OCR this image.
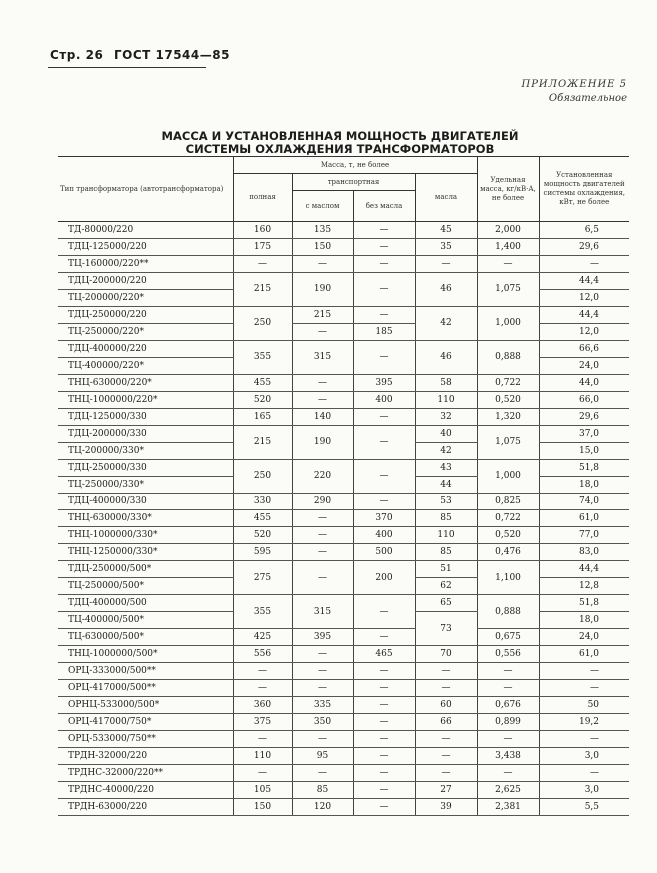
Стр. 26 ГОСТ 17544—85
ПРИЛОЖЕНИЕ 5
Обязательное
МАССА И УСТАНОВЛЕННАЯ МОЩНОСТЬ ДВИГАТЕЛЕЙ
СИСТЕМЫ ОХЛАЖДЕНИЯ ТРАНСФОРМАТОРОВ
Тип трансформатора (автотрансформатора)	Масса, т, не более				Удельная масса, кг/кВ·А, не более	Установленная мощность двигателей системы охлаждения, кВт, не более
	полная	транспортная		масла		
		с маслом	без масла			
ТД-80000/220	160	135	—	45	2,000	6,5
ТДЦ-125000/220	175	150	—	35	1,400	29,6
ТЦ-160000/220**	—	—	—	—	—	—
ТДЦ-200000/220	215	190	—	46	1,075	44,4
ТЦ-200000/220*						12,0
ТДЦ-250000/220	250	215	—	42	1,000	44,4
ТЦ-250000/220*		—	185			12,0
ТДЦ-400000/220	355	315	—	46	0,888	66,6
ТЦ-400000/220*						24,0
ТНЦ-630000/220*	455	—	395	58	0,722	44,0
ТНЦ-1000000/220*	520	—	400	110	0,520	66,0
ТДЦ-125000/330	165	140	—	32	1,320	29,6
ТДЦ-200000/330	215	190	—	40	1,075	37,0
ТЦ-200000/330*				42		15,0
ТДЦ-250000/330	250	220	—	43	1,000	51,8
ТЦ-250000/330*				44		18,0
ТДЦ-400000/330	330	290	—	53	0,825	74,0
ТНЦ-630000/330*	455	—	370	85	0,722	61,0
ТНЦ-1000000/330*	520	—	400	110	0,520	77,0
ТНЦ-1250000/330*	595	—	500	85	0,476	83,0
ТДЦ-250000/500*	275	—	200	51	1,100	44,4
ТЦ-250000/500*				62		12,8
ТДЦ-400000/500	355	315	—	65	0,888	51,8
ТЦ-400000/500*				73		18,0
ТЦ-630000/500*	425	395	—		0,675	24,0
ТНЦ-1000000/500*	556	—	465	70	0,556	61,0
ОРЦ-333000/500**	—	—	—	—	—	—
ОРЦ-417000/500**	—	—	—	—	—	—
ОРНЦ-533000/500*	360	335	—	60	0,676	50
ОРЦ-417000/750*	375	350	—	66	0,899	19,2
ОРЦ-533000/750**	—	—	—	—	—	—
ТРДН-32000/220	110	95	—	—	3,438	3,0
ТРДНС-32000/220**	—	—	—	—	—	—
ТРДНС-40000/220	105	85	—	27	2,625	3,0
ТРДН-63000/220	150	120	—	39	2,381	5,5
